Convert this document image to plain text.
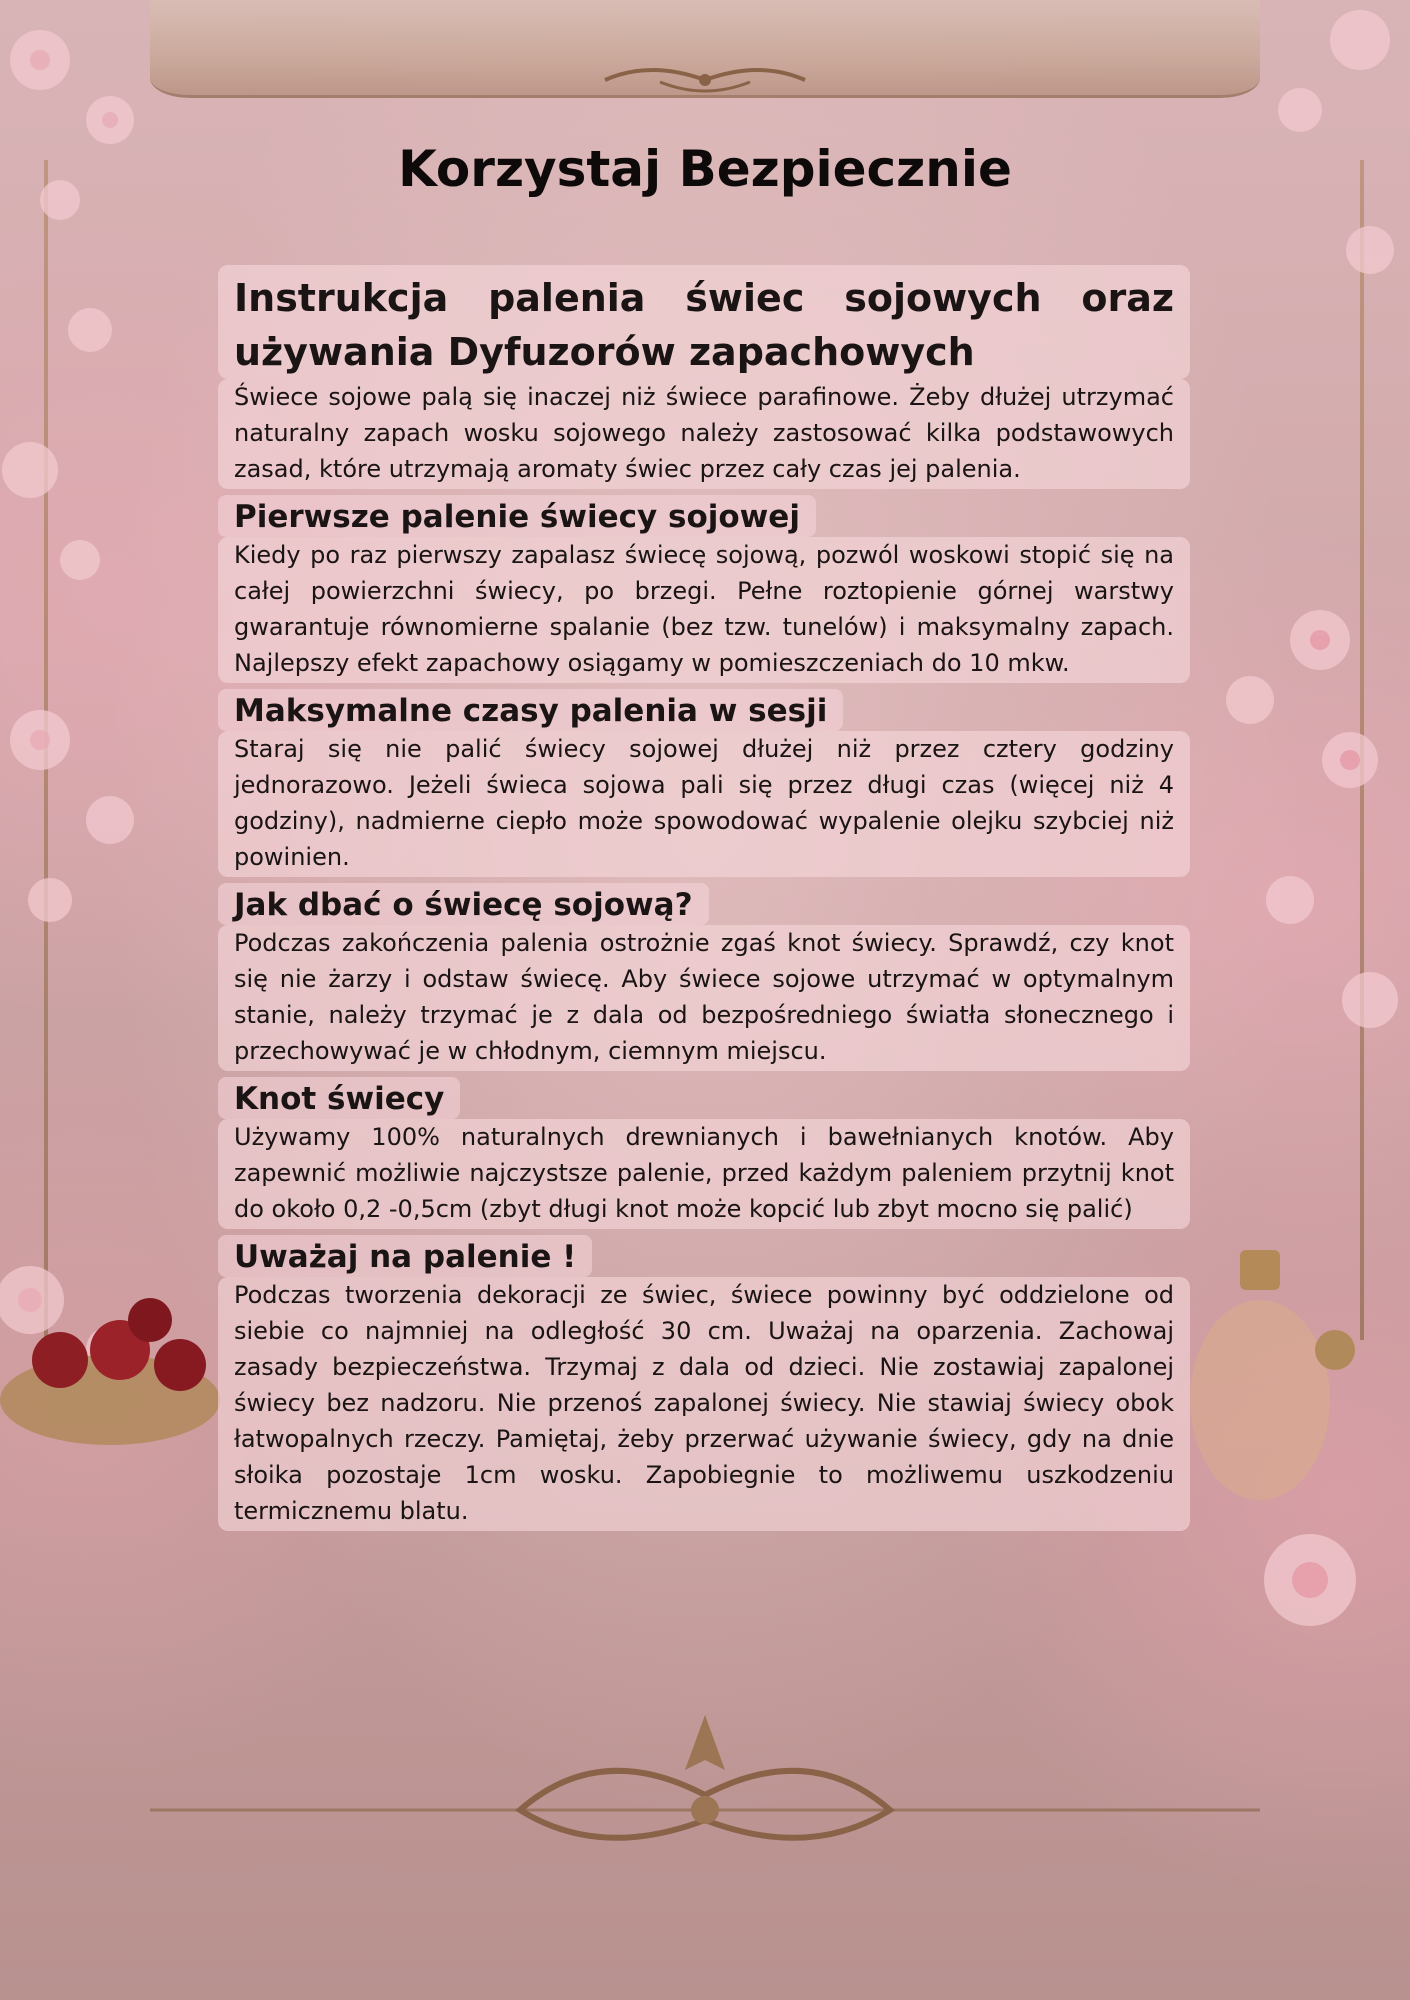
Korzystaj Bezpiecznie
Instrukcja palenia świec sojowych oraz używania Dyfuzorów zapachowych

Świece sojowe palą się inaczej niż świece parafinowe. Żeby dłużej utrzymać naturalny zapach wosku sojowego należy zastosować kilka podstawowych zasad, które utrzymają aromaty świec przez cały czas jej palenia.

Pierwsze palenie świecy sojowej

Kiedy po raz pierwszy zapalasz świecę sojową, pozwól woskowi stopić się na całej powierzchni świecy, po brzegi. Pełne roztopienie górnej warstwy gwarantuje równomierne spalanie (bez tzw. tunelów) i maksymalny zapach. Najlepszy efekt zapachowy osiągamy w pomieszczeniach do 10 mkw.

Maksymalne czasy palenia w sesji

Staraj się nie palić świecy sojowej dłużej niż przez cztery godziny jednorazowo. Jeżeli świeca sojowa pali się przez długi czas (więcej niż 4 godziny), nadmierne ciepło może spowodować wypalenie olejku szybciej niż powinien.

Jak dbać o świecę sojową?

Podczas zakończenia palenia ostrożnie zgaś knot świecy. Sprawdź, czy knot się nie żarzy i odstaw świecę. Aby świece sojowe utrzymać w optymalnym stanie, należy trzymać je z dala od bezpośredniego światła słonecznego i przechowywać je w chłodnym, ciemnym miejscu.

Knot świecy

Używamy 100% naturalnych drewnianych i bawełnianych knotów. Aby zapewnić możliwie najczystsze palenie, przed każdym paleniem przytnij knot do około 0,2 -0,5cm (zbyt długi knot może kopcić lub zbyt mocno się palić)

Uważaj na palenie !

Podczas tworzenia dekoracji ze świec, świece powinny być oddzielone od siebie co najmniej na odległość 30 cm. Uważaj na oparzenia. Zachowaj zasady bezpieczeństwa. Trzymaj z dala od dzieci. Nie zostawiaj zapalonej świecy bez nadzoru. Nie przenoś zapalonej świecy. Nie stawiaj świecy obok łatwopalnych rzeczy. Pamiętaj, żeby przerwać używanie świecy, gdy na dnie słoika pozostaje 1cm wosku. Zapobiegnie to możliwemu uszkodzeniu termicznemu blatu.
